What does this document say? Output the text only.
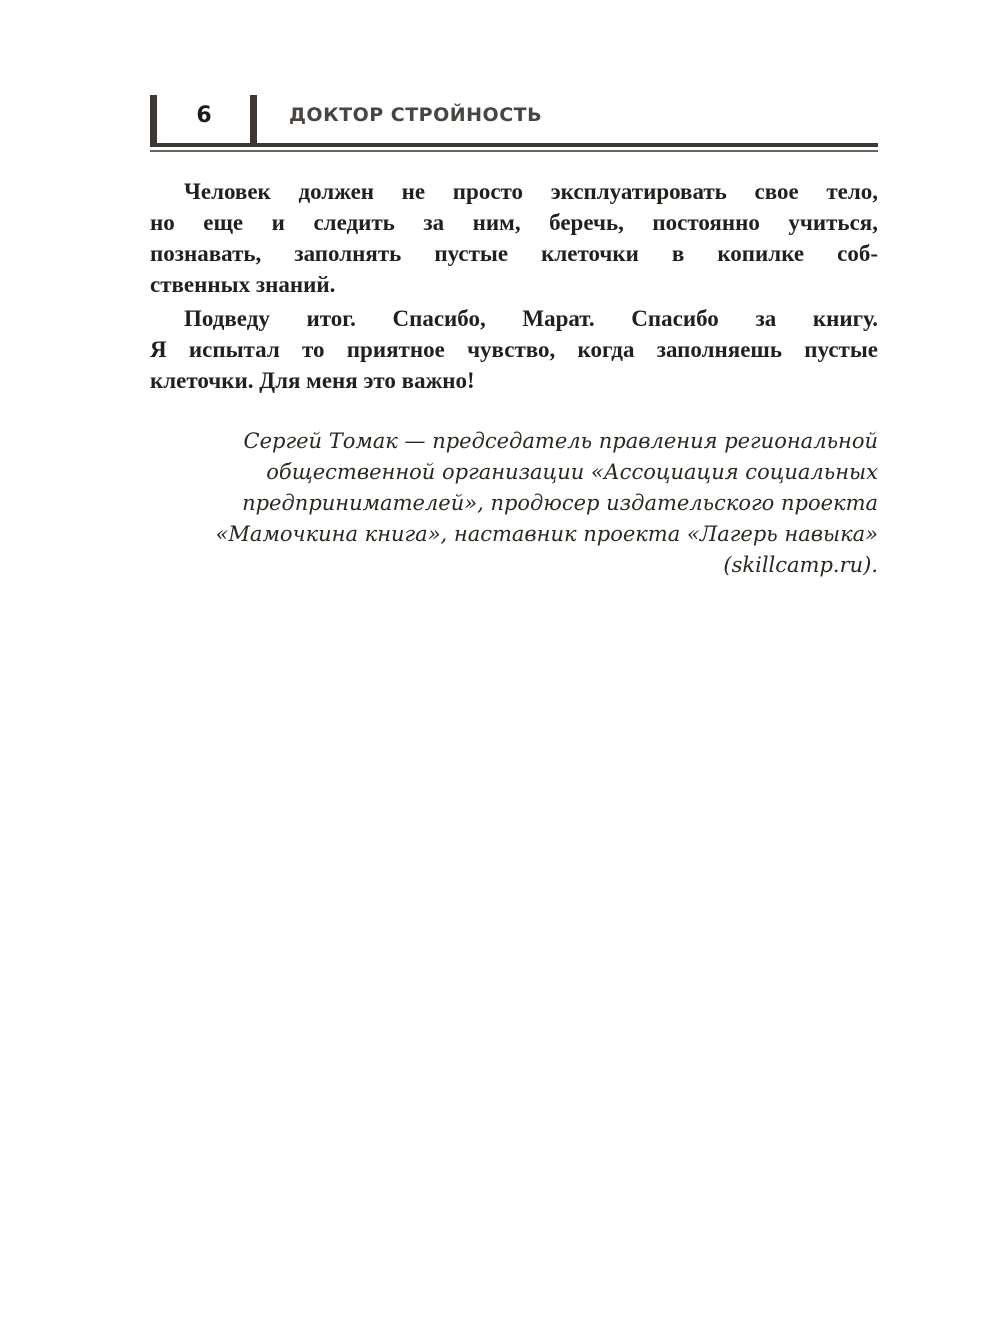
6	ДОКТОР СТРОЙНОСТЬ
Человек должен не просто эксплуатировать свое тело,
но еще и следить за ним, беречь, постоянно учиться,
познавать, заполнять пустые клеточки в копилке соб-
ственных знаний.
Подведу итог. Спасибо, Марат. Спасибо за книгу.
Я испытал то приятное чувство, когда заполняешь пустые
клеточки. Для меня это важно!
Сергей Томак — председатель правления региональной
общественной организации «Ассоциация социальных
предпринимателей», продюсер издательского проекта
«Мамочкина книга», наставник проекта «Лагерь навыка»
(skillcamp.ru).
